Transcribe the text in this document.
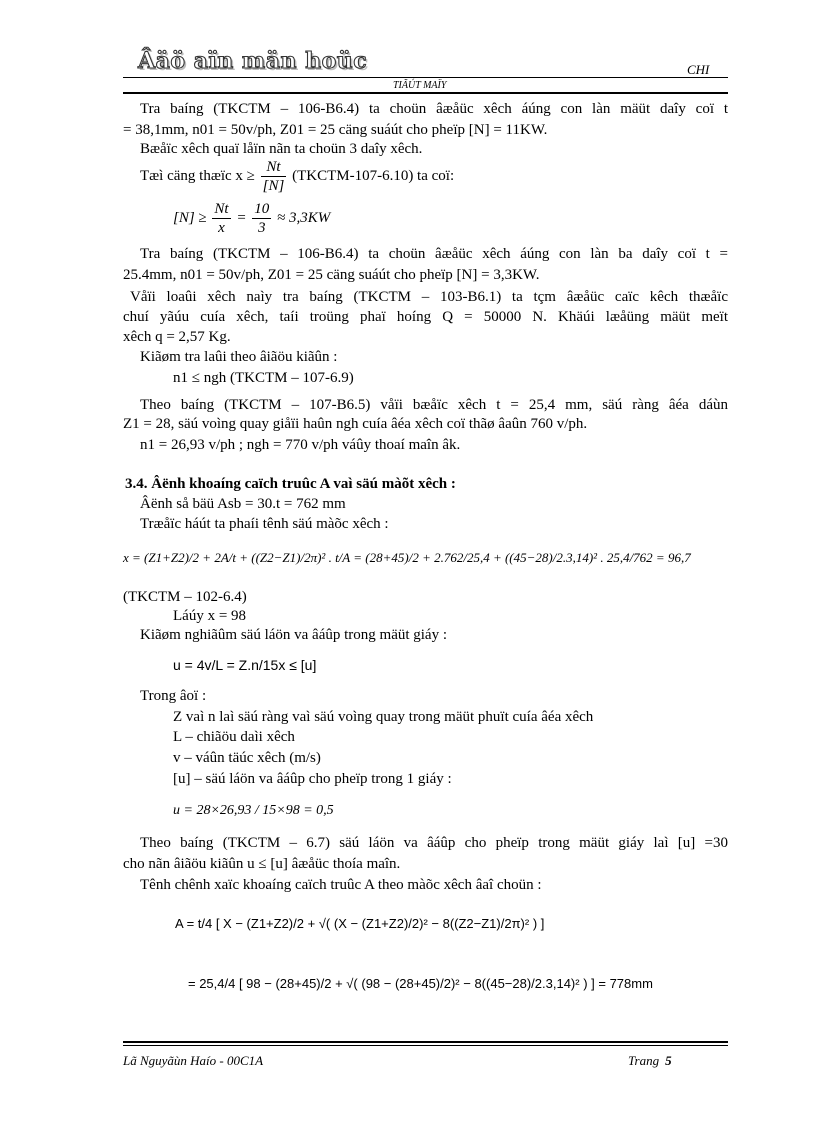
Âäö aïn män hoüc	CHI
TIÃÚT MAÏY
Tra baíng (TKCTM – 106-B6.4) ta choün âæåüc xêch áúng con làn mäüt daîy coï t
= 38,1mm, n01 = 50v/ph, Z01 = 25 cäng suáút cho pheïp [N] = 11KW.
Bæåïc xêch quaï låïn nãn ta choün 3 daîy xêch.
Tæì cäng thæïc $x \ge \frac{Nt}{[N]}$ (TKCTM-107-6.10) ta coï:
$[N] \ge \frac{Nt}{x} = \frac{10}{3} \approx 3,3KW$
Tra baíng (TKCTM – 106-B6.4) ta choün âæåüc xêch áúng con làn ba daîy coï t =
25.4mm, n01 = 50v/ph, Z01 = 25 cäng suáút cho pheïp [N] = 3,3KW.
Våïi loaûi xêch naìy tra baíng (TKCTM – 103-B6.1) ta tçm âæåüc caïc kêch thæåïc
chuí yãúu cuía xêch, taíi troüng phaï hoíng Q = 50000 N. Khäúi læåüng mäüt meït
xêch q = 2,57 Kg.
Kiãøm tra laûi theo âiãöu kiãûn :
n1 ≤ ngh (TKCTM – 107-6.9)
Theo baíng (TKCTM – 107-B6.5) våïi bæåïc xêch t = 25,4 mm, säú ràng âéa dáùn
Z1 = 28, säú voìng quay giåïi haûn ngh cuía âéa xêch coï thãø âaûn 760 v/ph.
n1 = 26,93 v/ph ; ngh = 770 v/ph váûy thoaí maîn âk.
3.4. Âënh khoaíng caïch truûc A vaì säú màõt xêch :
Âënh så bäü Asb = 30.t = 762 mm
Træåïc háút ta phaíi tênh säú màõc xêch :
x = (Z1+Z2)/2 + 2A/t + ((Z2−Z1)/2π)² . t/A = (28+45)/2 + 2.762/25,4 + ((45−28)/2.3,14)² . 25,4/762 = 96,7
(TKCTM – 102-6.4)
Láúy x = 98
Kiãøm nghiãûm säú láön va âáûp trong mäüt giáy :
u = 4v/L = Z.n/15x ≤ [u]
Trong âoï :
Z vaì n laì säú ràng vaì säú voìng quay trong mäüt phuït cuía âéa xêch
L – chiãöu daìi xêch
v – váûn täúc xêch (m/s)
[u] – säú láön va âáûp cho pheïp trong 1 giáy :
u = 28×26,93 / 15×98 = 0,5
Theo baíng (TKCTM – 6.7) säú láön va âáûp cho pheïp trong mäüt giáy laì [u] =30
cho nãn âiãöu kiãûn u ≤ [u] âæåüc thoía maîn.
Tênh chênh xaïc khoaíng caïch truûc A theo màõc xêch âaî choün :
A = t/4 [ X − (Z1+Z2)/2 + √( (X − (Z1+Z2)/2)² − 8((Z2−Z1)/2π)² ) ]
= 25,4/4 [ 98 − (28+45)/2 + √( (98 − (28+45)/2)² − 8((45−28)/2.3,14)² ) ] = 778mm
Lã Nguyãùn Haío - 00C1A	Trang 5
